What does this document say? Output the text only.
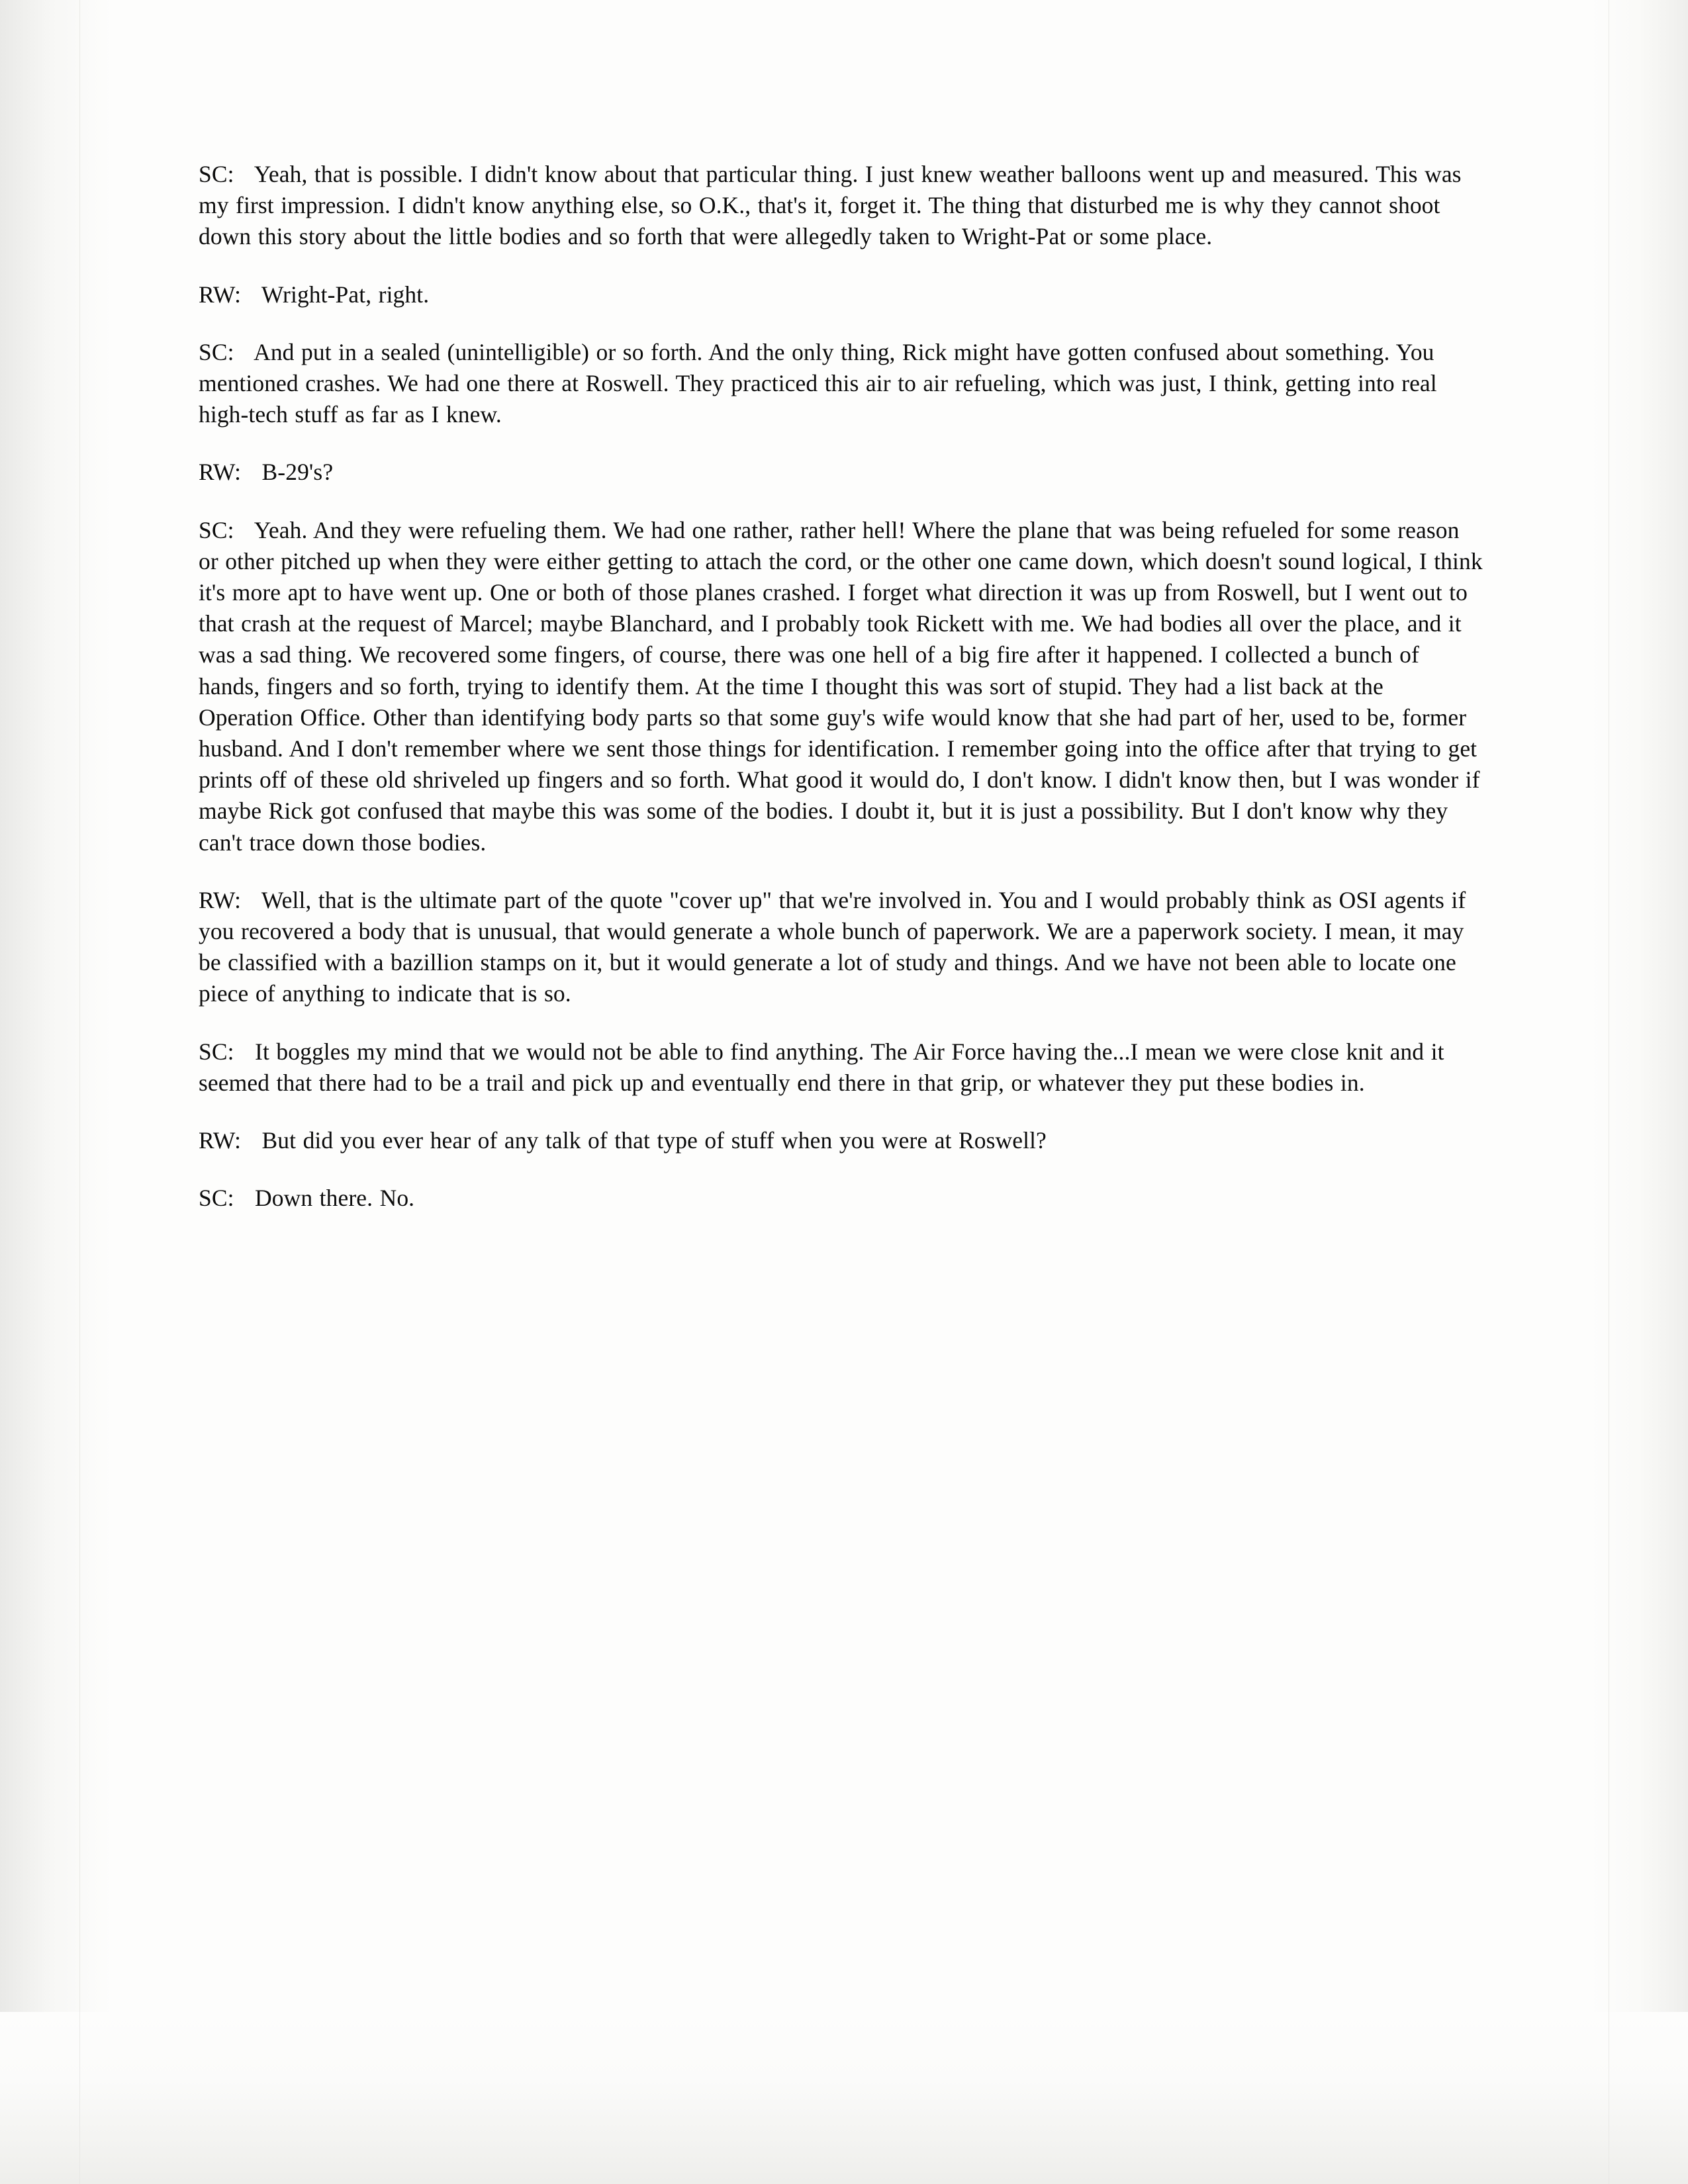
SC:   Yeah, that is possible. I didn't know about that particular thing. I just knew weather balloons went up and measured. This was my first impression. I didn't know anything else, so O.K., that's it, forget it. The thing that disturbed me is why they cannot shoot down this story about the little bodies and so forth that were allegedly taken to Wright-Pat or some place.

RW:   Wright-Pat, right.

SC:   And put in a sealed (unintelligible) or so forth. And the only thing, Rick might have gotten confused about something. You mentioned crashes. We had one there at Roswell. They practiced this air to air refueling, which was just, I think, getting into real high-tech stuff as far as I knew.

RW:   B-29's?

SC:   Yeah. And they were refueling them. We had one rather, rather hell! Where the plane that was being refueled for some reason or other pitched up when they were either getting to attach the cord, or the other one came down, which doesn't sound logical, I think it's more apt to have went up. One or both of those planes crashed. I forget what direction it was up from Roswell, but I went out to that crash at the request of Marcel; maybe Blanchard, and I probably took Rickett with me. We had bodies all over the place, and it was a sad thing. We recovered some fingers, of course, there was one hell of a big fire after it happened. I collected a bunch of hands, fingers and so forth, trying to identify them. At the time I thought this was sort of stupid. They had a list back at the Operation Office. Other than identifying body parts so that some guy's wife would know that she had part of her, used to be, former husband. And I don't remember where we sent those things for identification. I remember going into the office after that trying to get prints off of these old shriveled up fingers and so forth. What good it would do, I don't know. I didn't know then, but I was wonder if maybe Rick got confused that maybe this was some of the bodies. I doubt it, but it is just a possibility. But I don't know why they can't trace down those bodies.

RW:   Well, that is the ultimate part of the quote "cover up" that we're involved in. You and I would probably think as OSI agents if you recovered a body that is unusual, that would generate a whole bunch of paperwork. We are a paperwork society. I mean, it may be classified with a bazillion stamps on it, but it would generate a lot of study and things. And we have not been able to locate one piece of anything to indicate that is so.

SC:   It boggles my mind that we would not be able to find anything. The Air Force having the...I mean we were close knit and it seemed that there had to be a trail and pick up and eventually end there in that grip, or whatever they put these bodies in.

RW:   But did you ever hear of any talk of that type of stuff when you were at Roswell?

SC:   Down there. No.
